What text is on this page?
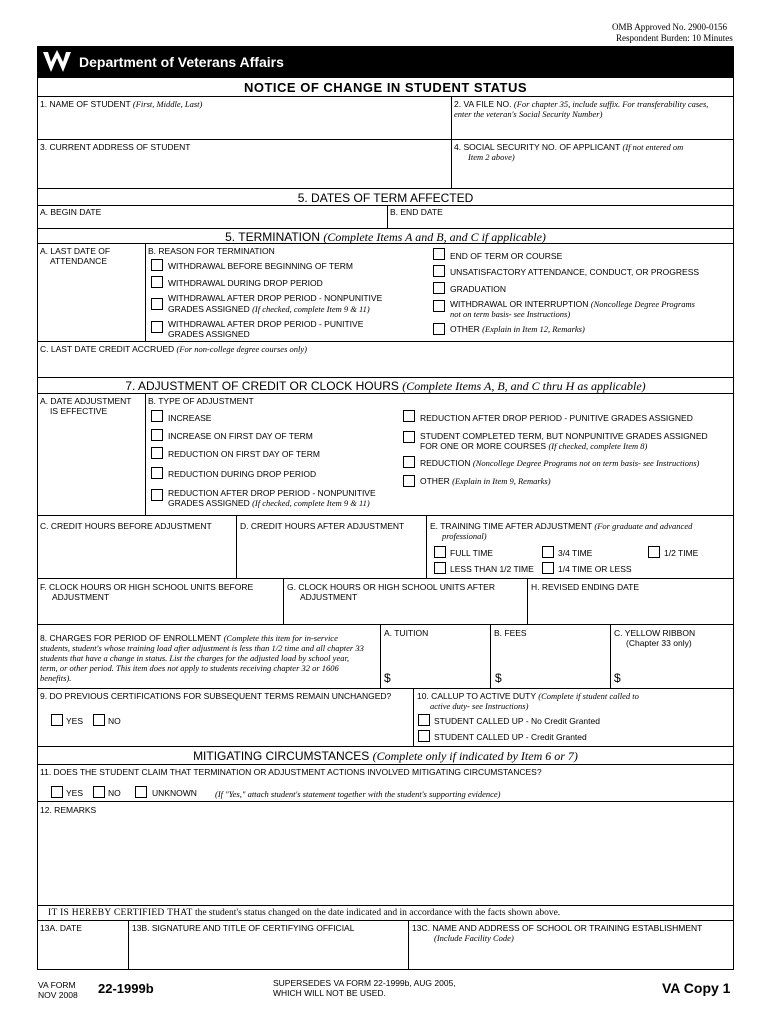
OMB Approved No. 2900-0156
Respondent Burden: 10 Minutes
Department of Veterans Affairs
NOTICE OF CHANGE IN STUDENT STATUS
1. NAME OF STUDENT (First, Middle, Last)	2. VA FILE NO. (For chapter 35, include suffix. For transferability cases,
enter the veteran's Social Security Number)
3. CURRENT ADDRESS OF STUDENT	4. SOCIAL SECURITY NO. OF APPLICANT (If not entered om
Item 2 above)
5. DATES OF TERM AFFECTED
A. BEGIN DATE	B. END DATE
5. TERMINATION (Complete Items A and B, and C if applicable)
A. LAST DATE OF
ATTENDANCE
B. REASON FOR TERMINATION
WITHDRAWAL BEFORE BEGINNING OF TERM
WITHDRAWAL DURING DROP PERIOD
WITHDRAWAL AFTER DROP PERIOD - NONPUNITIVE
GRADES ASSIGNED (If checked, complete Item 9 & 11)
WITHDRAWAL AFTER DROP PERIOD - PUNITIVE
GRADES ASSIGNED
END OF TERM OR COURSE
UNSATISFACTORY ATTENDANCE, CONDUCT, OR PROGRESS
GRADUATION
WITHDRAWAL OR INTERRUPTION (Noncollege Degree Programs
not on term basis- see Instructions)
OTHER (Explain in Item 12, Remarks)
C. LAST DATE CREDIT ACCRUED (For non-college degree courses only)
7. ADJUSTMENT OF CREDIT OR CLOCK HOURS (Complete Items A, B, and C thru H as applicable)
A. DATE ADJUSTMENT
IS EFFECTIVE
B. TYPE OF ADJUSTMENT
INCREASE
INCREASE ON FIRST DAY OF TERM
REDUCTION ON FIRST DAY OF TERM
REDUCTION DURING DROP PERIOD
REDUCTION AFTER DROP PERIOD - NONPUNITIVE
GRADES ASSIGNED (If checked, complete Item 9 & 11)
REDUCTION AFTER DROP PERIOD - PUNITIVE GRADES ASSIGNED
STUDENT COMPLETED TERM, BUT NONPUNITIVE GRADES ASSIGNED
FOR ONE OR MORE COURSES (If checked, complete Item 8)
REDUCTION (Noncollege Degree Programs not on term basis- see Instructions)
OTHER (Explain in Item 9, Remarks)
C. CREDIT HOURS BEFORE ADJUSTMENT	D. CREDIT HOURS AFTER ADJUSTMENT	E. TRAINING TIME AFTER ADJUSTMENT (For graduate and advanced
professional)
FULL TIME	3/4 TIME	1/2 TIME
LESS THAN 1/2 TIME	1/4 TIME OR LESS
F. CLOCK HOURS OR HIGH SCHOOL UNITS BEFORE
ADJUSTMENT
G. CLOCK HOURS OR HIGH SCHOOL UNITS AFTER
ADJUSTMENT
H. REVISED ENDING DATE
8. CHARGES FOR PERIOD OF ENROLLMENT (Complete this item for in-service
students, student's whose training load after adjustment is less than 1/2 time and all chapter 33
students that have a change in status. List the charges for the adjusted load by school year,
term, or other period. This item does not apply to students receiving chapter 32 or 1606
benefits).
A. TUITION	B. FEES	C. YELLOW RIBBON
(Chapter 33 only)
$	$	$
9. DO PREVIOUS CERTIFICATIONS FOR SUBSEQUENT TERMS REMAIN UNCHANGED?
YES	NO
10. CALLUP TO ACTIVE DUTY (Complete if student called to
active duty- see Instructions)
STUDENT CALLED UP - No Credit Granted
STUDENT CALLED UP - Credit Granted
MITIGATING CIRCUMSTANCES (Complete only if indicated by Item 6 or 7)
11. DOES THE STUDENT CLAIM THAT TERMINATION OR ADJUSTMENT ACTIONS INVOLVED MITIGATING CIRCUMSTANCES?
YES	NO	UNKNOWN (If "Yes," attach student's statement together with the student's supporting evidence)
12. REMARKS
IT IS HEREBY CERTIFIED THAT the student's status changed on the date indicated and in accordance with the facts shown above.
13A. DATE	13B. SIGNATURE AND TITLE OF CERTIFYING OFFICIAL	13C. NAME AND ADDRESS OF SCHOOL OR TRAINING ESTABLISHMENT
(Include Facility Code)
VA FORM
NOV 2008 22-1999b	SUPERSEDES VA FORM 22-1999b, AUG 2005,
WHICH WILL NOT BE USED.	VA Copy 1
